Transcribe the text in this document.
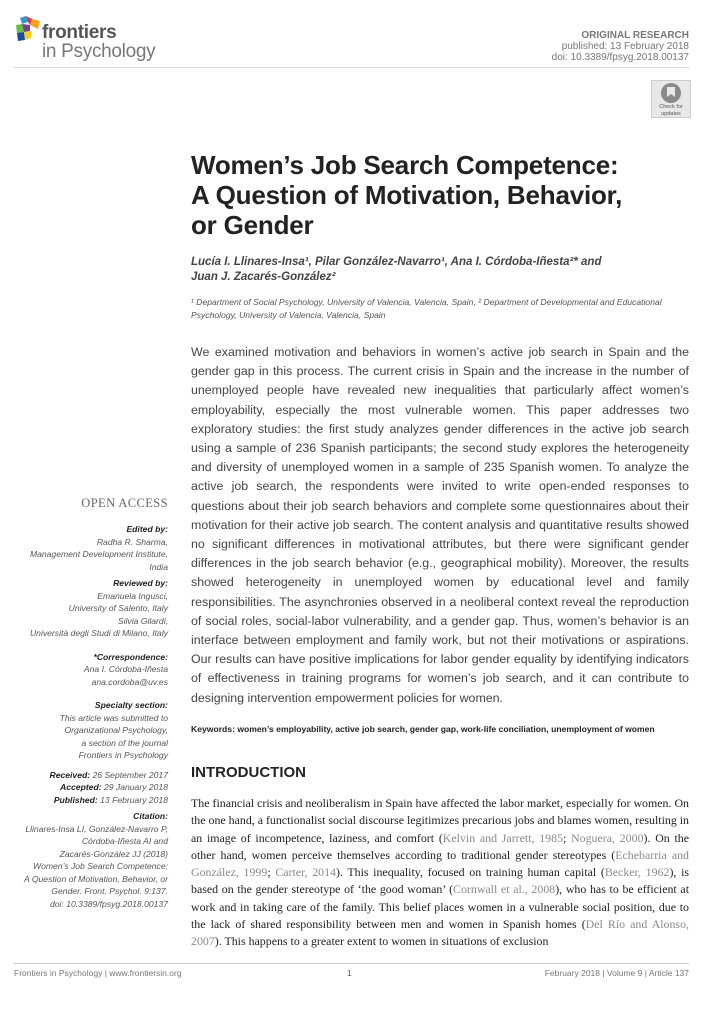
frontiers
in Psychology
ORIGINAL RESEARCH
published: 13 February 2018
doi: 10.3389/fpsyg.2018.00137
Check for
updates
Women’s Job Search Competence:
A Question of Motivation, Behavior,
or Gender
Lucía I. Llinares-Insa¹, Pilar González-Navarro¹, Ana I. Córdoba-Iñesta²* and
Juan J. Zacarés-González²
¹ Department of Social Psychology, University of Valencia, Valencia, Spain, ² Department of Developmental and Educational Psychology, University of Valencia, Valencia, Spain
We examined motivation and behaviors in women’s active job search in Spain and the gender gap in this process. The current crisis in Spain and the increase in the number of unemployed people have revealed new inequalities that particularly affect women’s employability, especially the most vulnerable women. This paper addresses two exploratory studies: the first study analyzes gender differences in the active job search using a sample of 236 Spanish participants; the second study explores the heterogeneity and diversity of unemployed women in a sample of 235 Spanish women. To analyze the active job search, the respondents were invited to write open-ended responses to questions about their job search behaviors and complete some questionnaires about their motivation for their active job search. The content analysis and quantitative results showed no significant differences in motivational attributes, but there were significant gender differences in the job search behavior (e.g., geographical mobility). Moreover, the results showed heterogeneity in unemployed women by educational level and family responsibilities. The asynchronies observed in a neoliberal context reveal the reproduction of social roles, social-labor vulnerability, and a gender gap. Thus, women’s behavior is an interface between employment and family work, but not their motivations or aspirations. Our results can have positive implications for labor gender equality by identifying indicators of effectiveness in training programs for women’s job search, and it can contribute to designing intervention empowerment policies for women.
Keywords: women’s employability, active job search, gender gap, work-life conciliation, unemployment of women
INTRODUCTION
The financial crisis and neoliberalism in Spain have affected the labor market, especially for women. On the one hand, a functionalist social discourse legitimizes precarious jobs and blames women, resulting in an image of incompetence, laziness, and comfort (Kelvin and Jarrett, 1985; Noguera, 2000). On the other hand, women perceive themselves according to traditional gender stereotypes (Echebarria and González, 1999; Carter, 2014). This inequality, focused on training human capital (Becker, 1962), is based on the gender stereotype of ‘the good woman’ (Cornwall et al., 2008), who has to be efficient at work and in taking care of the family. This belief places women in a vulnerable social position, due to the lack of shared responsibility between men and women in Spanish homes (Del Río and Alonso, 2007). This happens to a greater extent to women in situations of exclusion
OPEN ACCESS
Edited by:
Radha R. Sharma,
Management Development Institute,
India
Reviewed by:
Emanuela Ingusci,
University of Salento, Italy
Silvia Gilardi,
Università degli Studi di Milano, Italy
*Correspondence:
Ana I. Córdoba-Iñesta
ana.cordoba@uv.es
Specialty section:
This article was submitted to
Organizational Psychology,
a section of the journal
Frontiers in Psychology
Received: 26 September 2017
Accepted: 29 January 2018
Published: 13 February 2018
Citation:
Llinares-Insa LI, González-Navarro P,
Córdoba-Iñesta AI and
Zacarés-González JJ (2018)
Women’s Job Search Competence:
A Question of Motivation, Behavior, or
Gender. Front. Psychol. 9:137.
doi: 10.3389/fpsyg.2018.00137
Frontiers in Psychology | www.frontiersin.org	1	February 2018 | Volume 9 | Article 137
